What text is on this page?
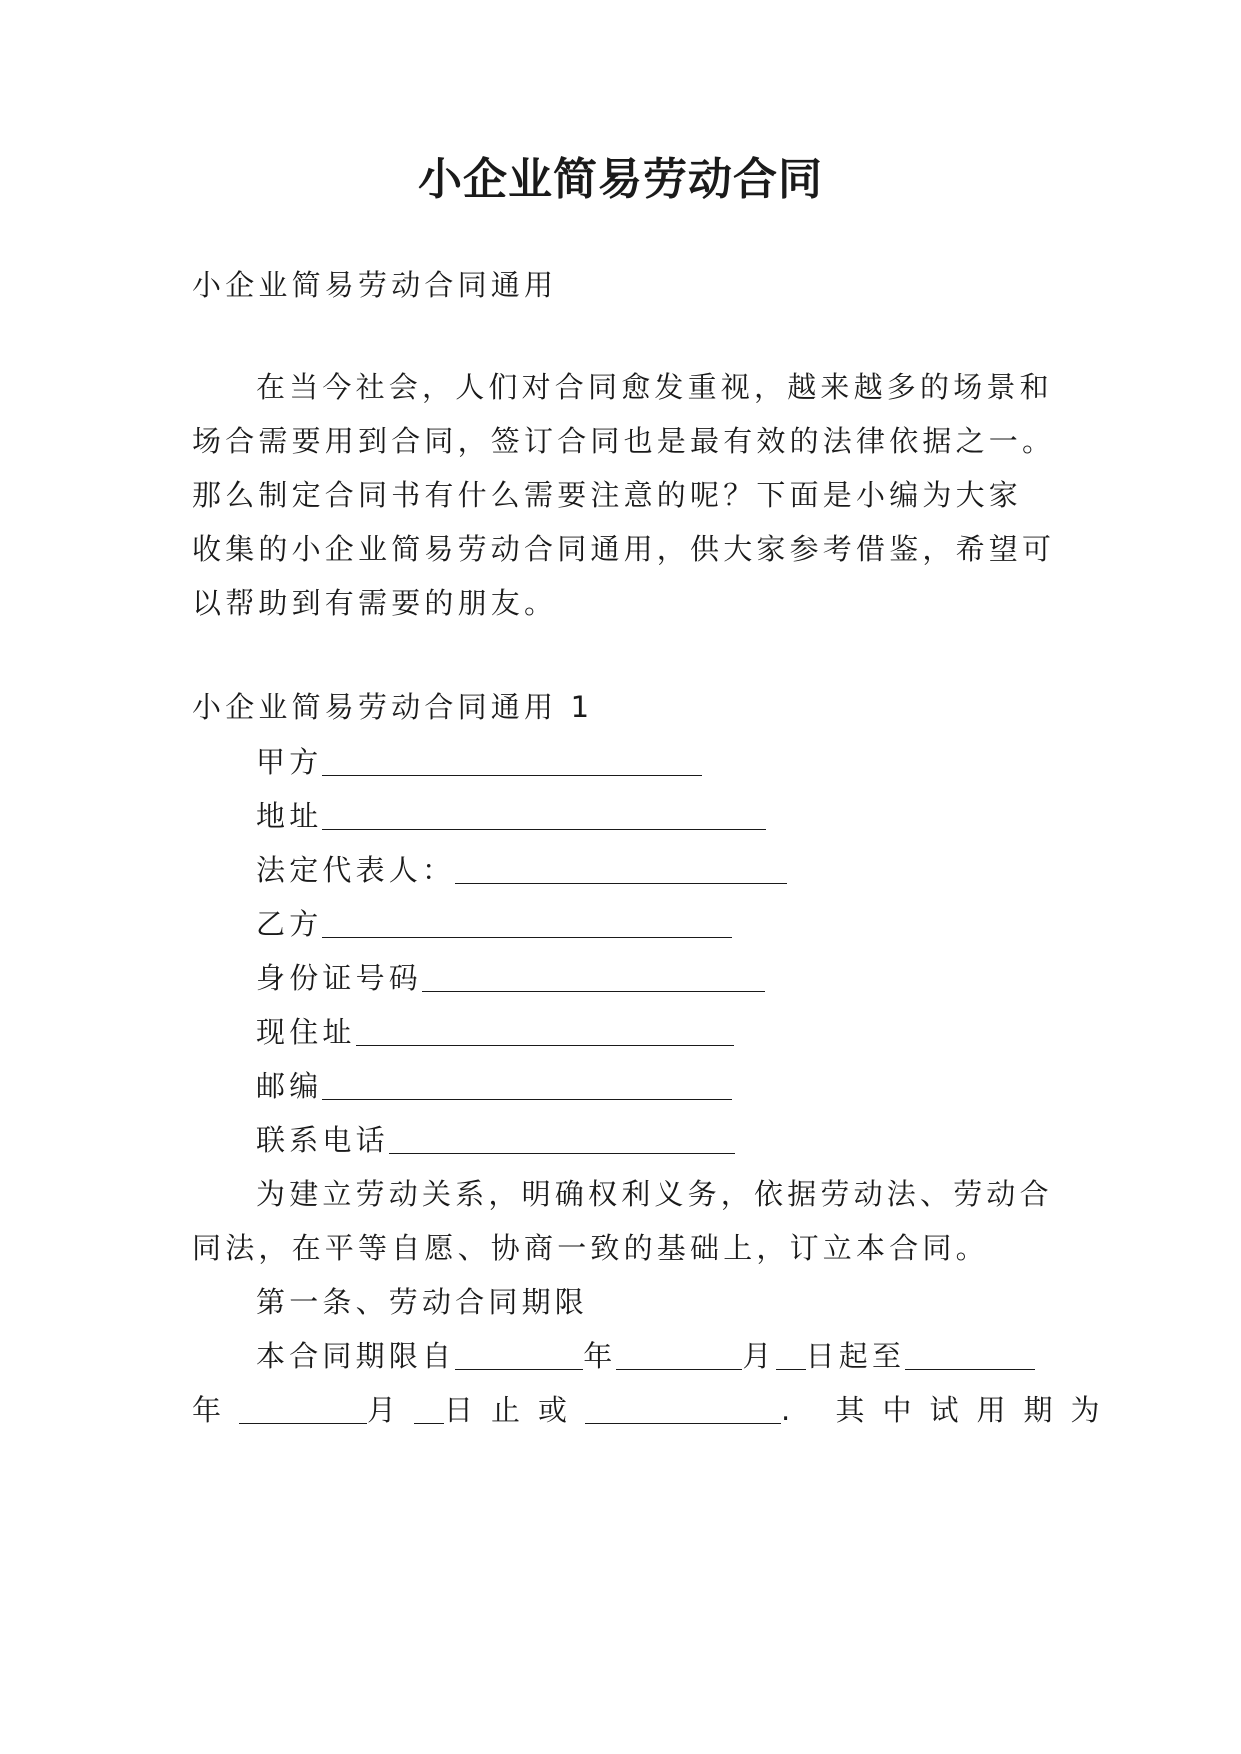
小企业简易劳动合同

小企业简易劳动合同通用

在当今社会，人们对合同愈发重视，越来越多的场景和

场合需要用到合同，签订合同也是最有效的法律依据之一。

那么制定合同书有什么需要注意的呢？下面是小编为大家

收集的小企业简易劳动合同通用，供大家参考借鉴，希望可

以帮助到有需要的朋友。

小企业简易劳动合同通用 1

甲方

地址

法定代表人：

乙方

身份证号码

现住址

邮编

联系电话

为建立劳动关系，明确权利义务，依据劳动法、劳动合

同法，在平等自愿、协商一致的基础上，订立本合同。

第一条、劳动合同期限

本合同期限自	年	月 日起至

年	月 日止或	. 其中试用期为
